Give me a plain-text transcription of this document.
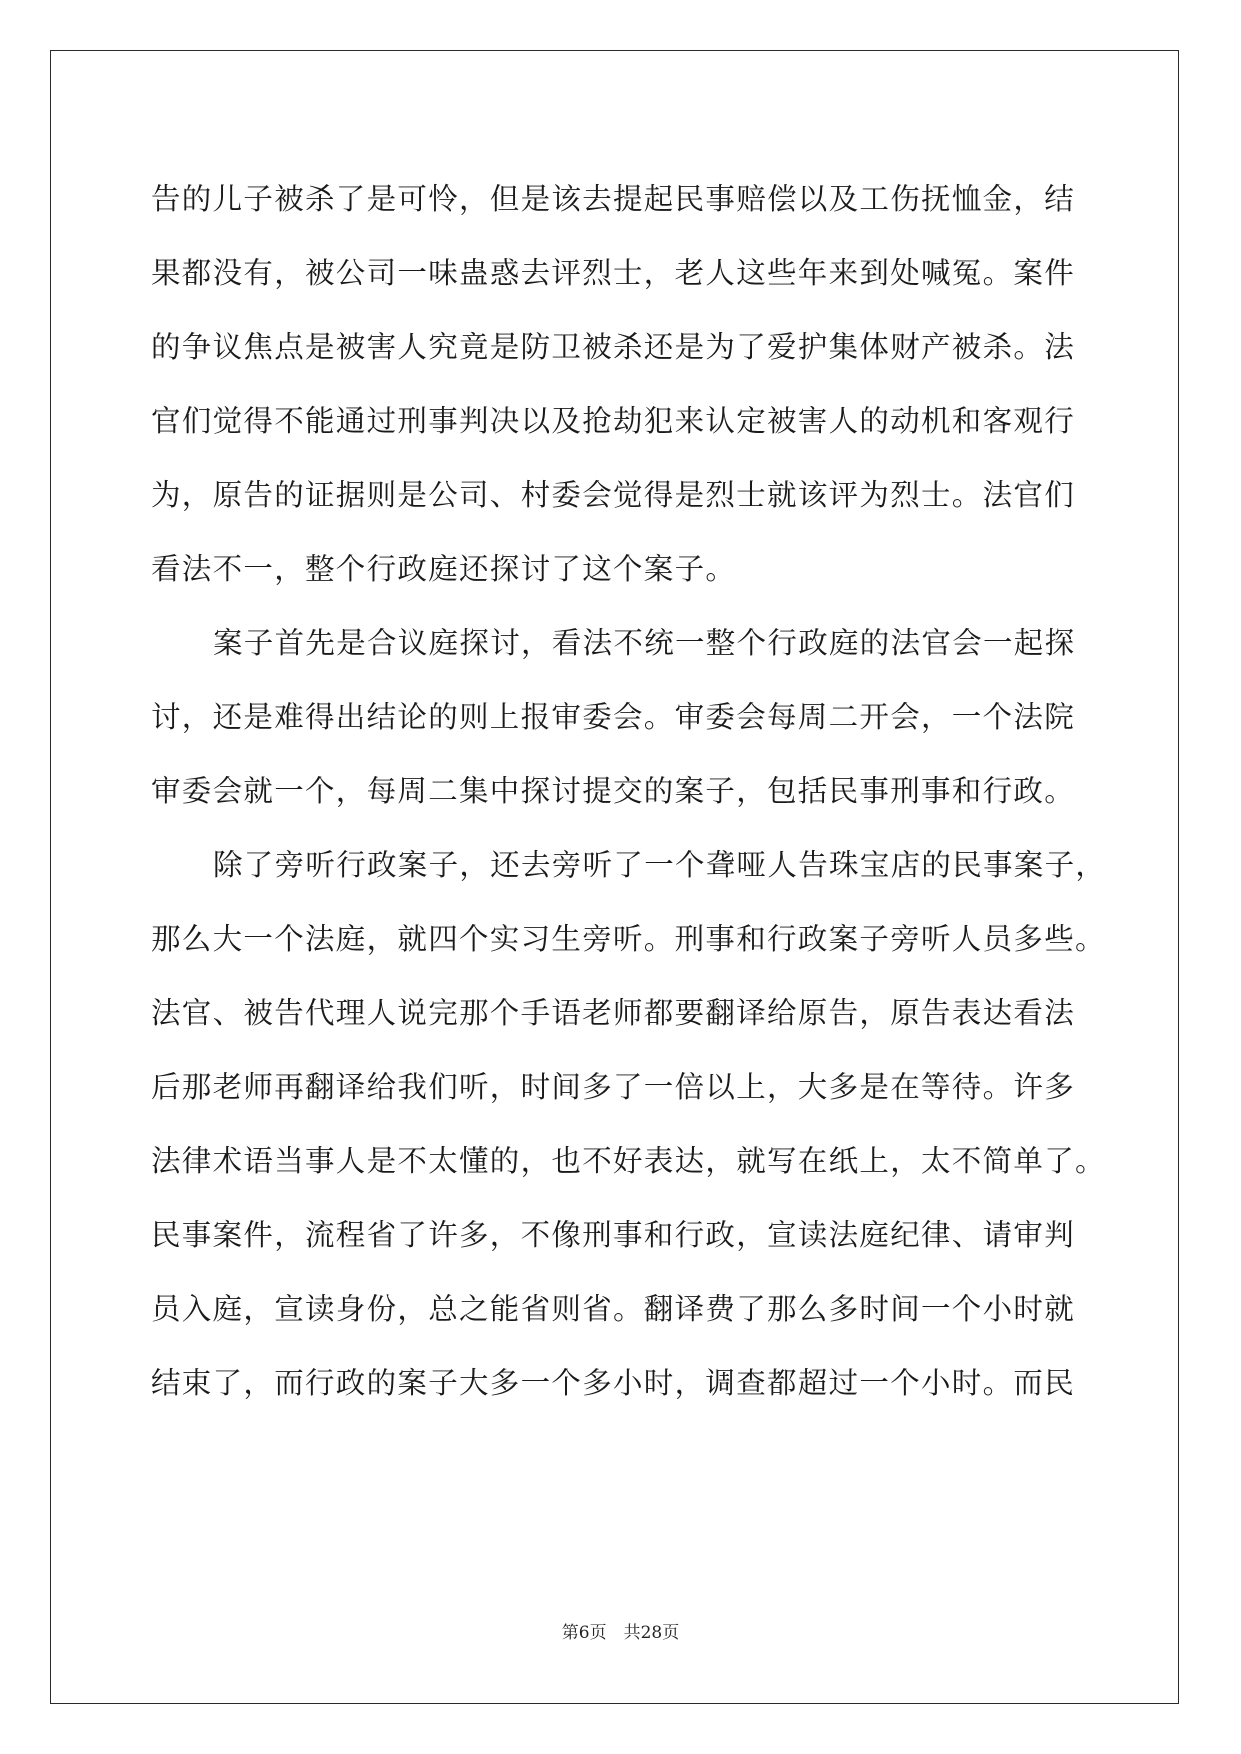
告的儿子被杀了是可怜，但是该去提起民事赔偿以及工伤抚恤金，结
果都没有，被公司一味蛊惑去评烈士，老人这些年来到处喊冤。案件
的争议焦点是被害人究竟是防卫被杀还是为了爱护集体财产被杀。法
官们觉得不能通过刑事判决以及抢劫犯来认定被害人的动机和客观行
为，原告的证据则是公司、村委会觉得是烈士就该评为烈士。法官们
看法不一，整个行政庭还探讨了这个案子。
案子首先是合议庭探讨，看法不统一整个行政庭的法官会一起探
讨，还是难得出结论的则上报审委会。审委会每周二开会，一个法院
审委会就一个，每周二集中探讨提交的案子，包括民事刑事和行政。
除了旁听行政案子，还去旁听了一个聋哑人告珠宝店的民事案子，
那么大一个法庭，就四个实习生旁听。刑事和行政案子旁听人员多些。
法官、被告代理人说完那个手语老师都要翻译给原告，原告表达看法
后那老师再翻译给我们听，时间多了一倍以上，大多是在等待。许多
法律术语当事人是不太懂的，也不好表达，就写在纸上，太不简单了。
民事案件，流程省了许多，不像刑事和行政，宣读法庭纪律、请审判
员入庭，宣读身份，总之能省则省。翻译费了那么多时间一个小时就
结束了，而行政的案子大多一个多小时，调查都超过一个小时。而民
第6页　共28页
